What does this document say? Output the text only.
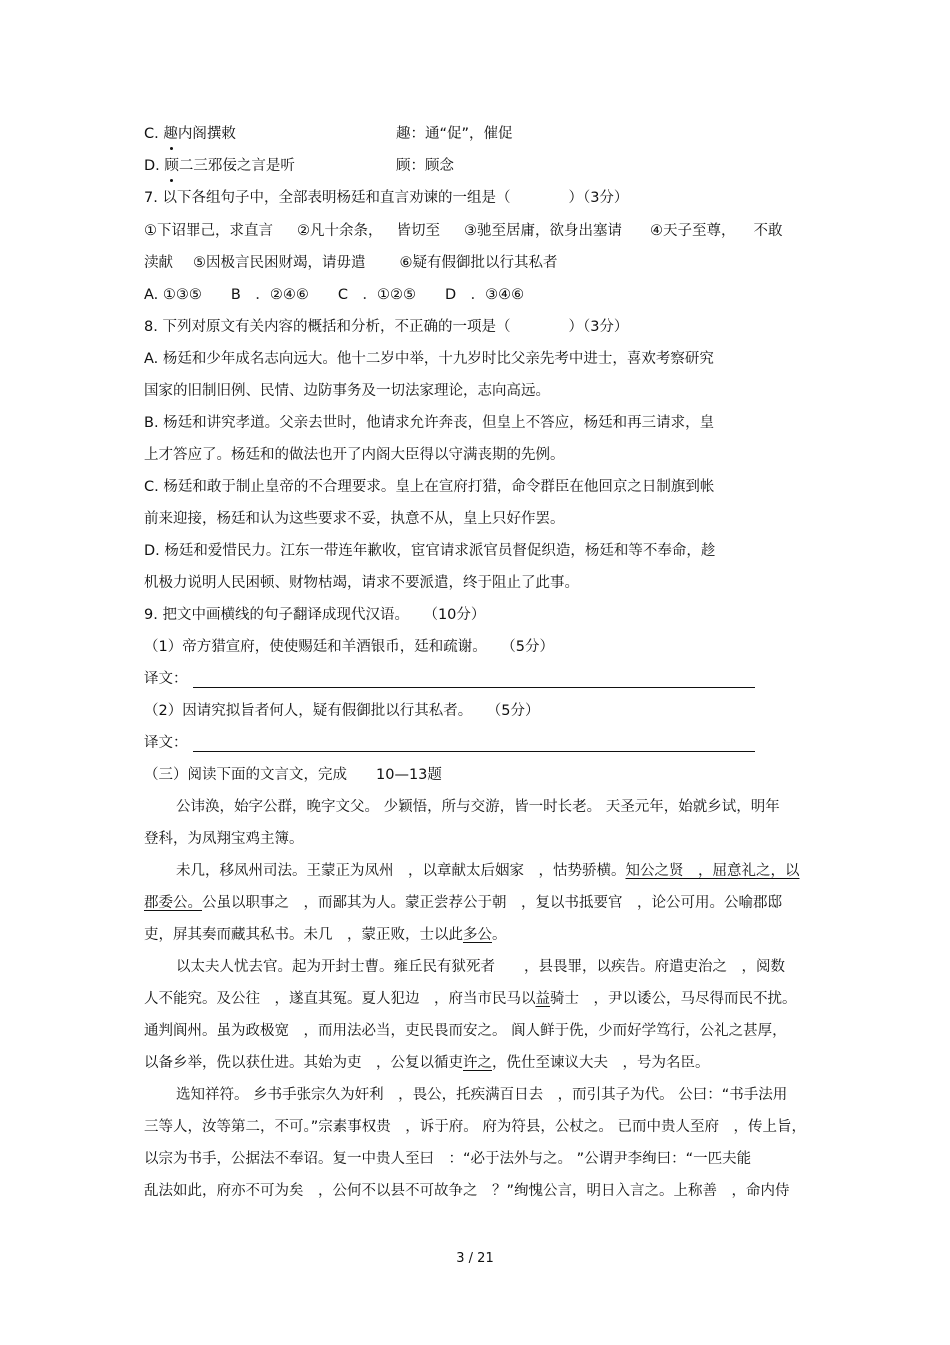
C. 趣内阁撰敕	趣：通“促”，催促
D. 顾二三邪佞之言是听	顾：顾念
7. 以下各组句子中，全部表明杨廷和直言劝谏的一组是（　　　　）（3分）
①下诏罪己，求直言 ②凡十余条， 皆切至 ③驰至居庸，欲身出塞请 ④天子至尊， 不敢
渎献 ⑤因极言民困财竭，请毋遣 ⑥疑有假御批以行其私者
A. ①③⑤　　B　．②④⑥　　C　．①②⑤　　D　．③④⑥
8. 下列对原文有关内容的概括和分析，不正确的一项是（　　　　）（3分）
A. 杨廷和少年成名志向远大。他十二岁中举，十九岁时比父亲先考中进士，喜欢考察研究
国家的旧制旧例、民情、边防事务及一切法家理论，志向高远。
B. 杨廷和讲究孝道。父亲去世时，他请求允许奔丧，但皇上不答应，杨廷和再三请求，皇
上才答应了。杨廷和的做法也开了内阁大臣得以守满丧期的先例。
C. 杨廷和敢于制止皇帝的不合理要求。皇上在宣府打猎，命令群臣在他回京之日制旗到帐
前来迎接，杨廷和认为这些要求不妥，执意不从，皇上只好作罢。
D. 杨廷和爱惜民力。江东一带连年歉收，宦官请求派官员督促织造，杨廷和等不奉命，趁
机极力说明人民困顿、财物枯竭，请求不要派遣，终于阻止了此事。
9. 把文中画横线的句子翻译成现代汉语。　　（10分）
（1）帝方猎宣府，使使赐廷和羊酒银币，廷和疏谢。　　（5分）
译文：
（2）因请究拟旨者何人，疑有假御批以行其私者。　　（5分）
译文：
（三）阅读下面的文言文，完成　　10—13题
公讳涣，始字公群，晚字文父。 少颖悟，所与交游，皆一时长老。 天圣元年，始就乡试，明年
登科，为凤翔宝鸡主簿。
未几，移凤州司法。王蒙正为凤州　，以章献太后姻家　，怙势骄横。知公之贤　，屈意礼之，以
郡委公。公虽以职事之　，而鄙其为人。蒙正尝荐公于朝　，复以书抵要官　，论公可用。公喻郡邸
吏，屏其奏而藏其私书。未几　，蒙正败，士以此多公。
以太夫人忧去官。起为开封士曹。雍丘民有狱死者　　，县畏罪，以疾告。府遣吏治之　，阅数
人不能究。及公往　，遂直其冤。夏人犯边　，府当市民马以益骑士　，尹以诿公，马尽得而民不扰。
通判阆州。虽为政极宽　，而用法必当，吏民畏而安之。 阆人鲜于侁，少而好学笃行，公礼之甚厚，
以备乡举，侁以获仕进。其始为吏　，公复以循吏许之，侁仕至谏议大夫　，号为名臣。
选知祥符。 乡书手张宗久为奸利　，畏公，托疾满百日去　，而引其子为代。 公曰：“书手法用
三等人，汝等第二，不可。”宗素事权贵　，诉于府。 府为符县，公杖之。 已而中贵人至府　，传上旨，
以宗为书手，公据法不奉诏。复一中贵人至曰　：“必于法外与之。 ”公谓尹李绚曰：“一匹夫能
乱法如此，府亦不可为矣　，公何不以县不可故争之　？”绚愧公言，明日入言之。上称善　，命内侍
3 / 21
